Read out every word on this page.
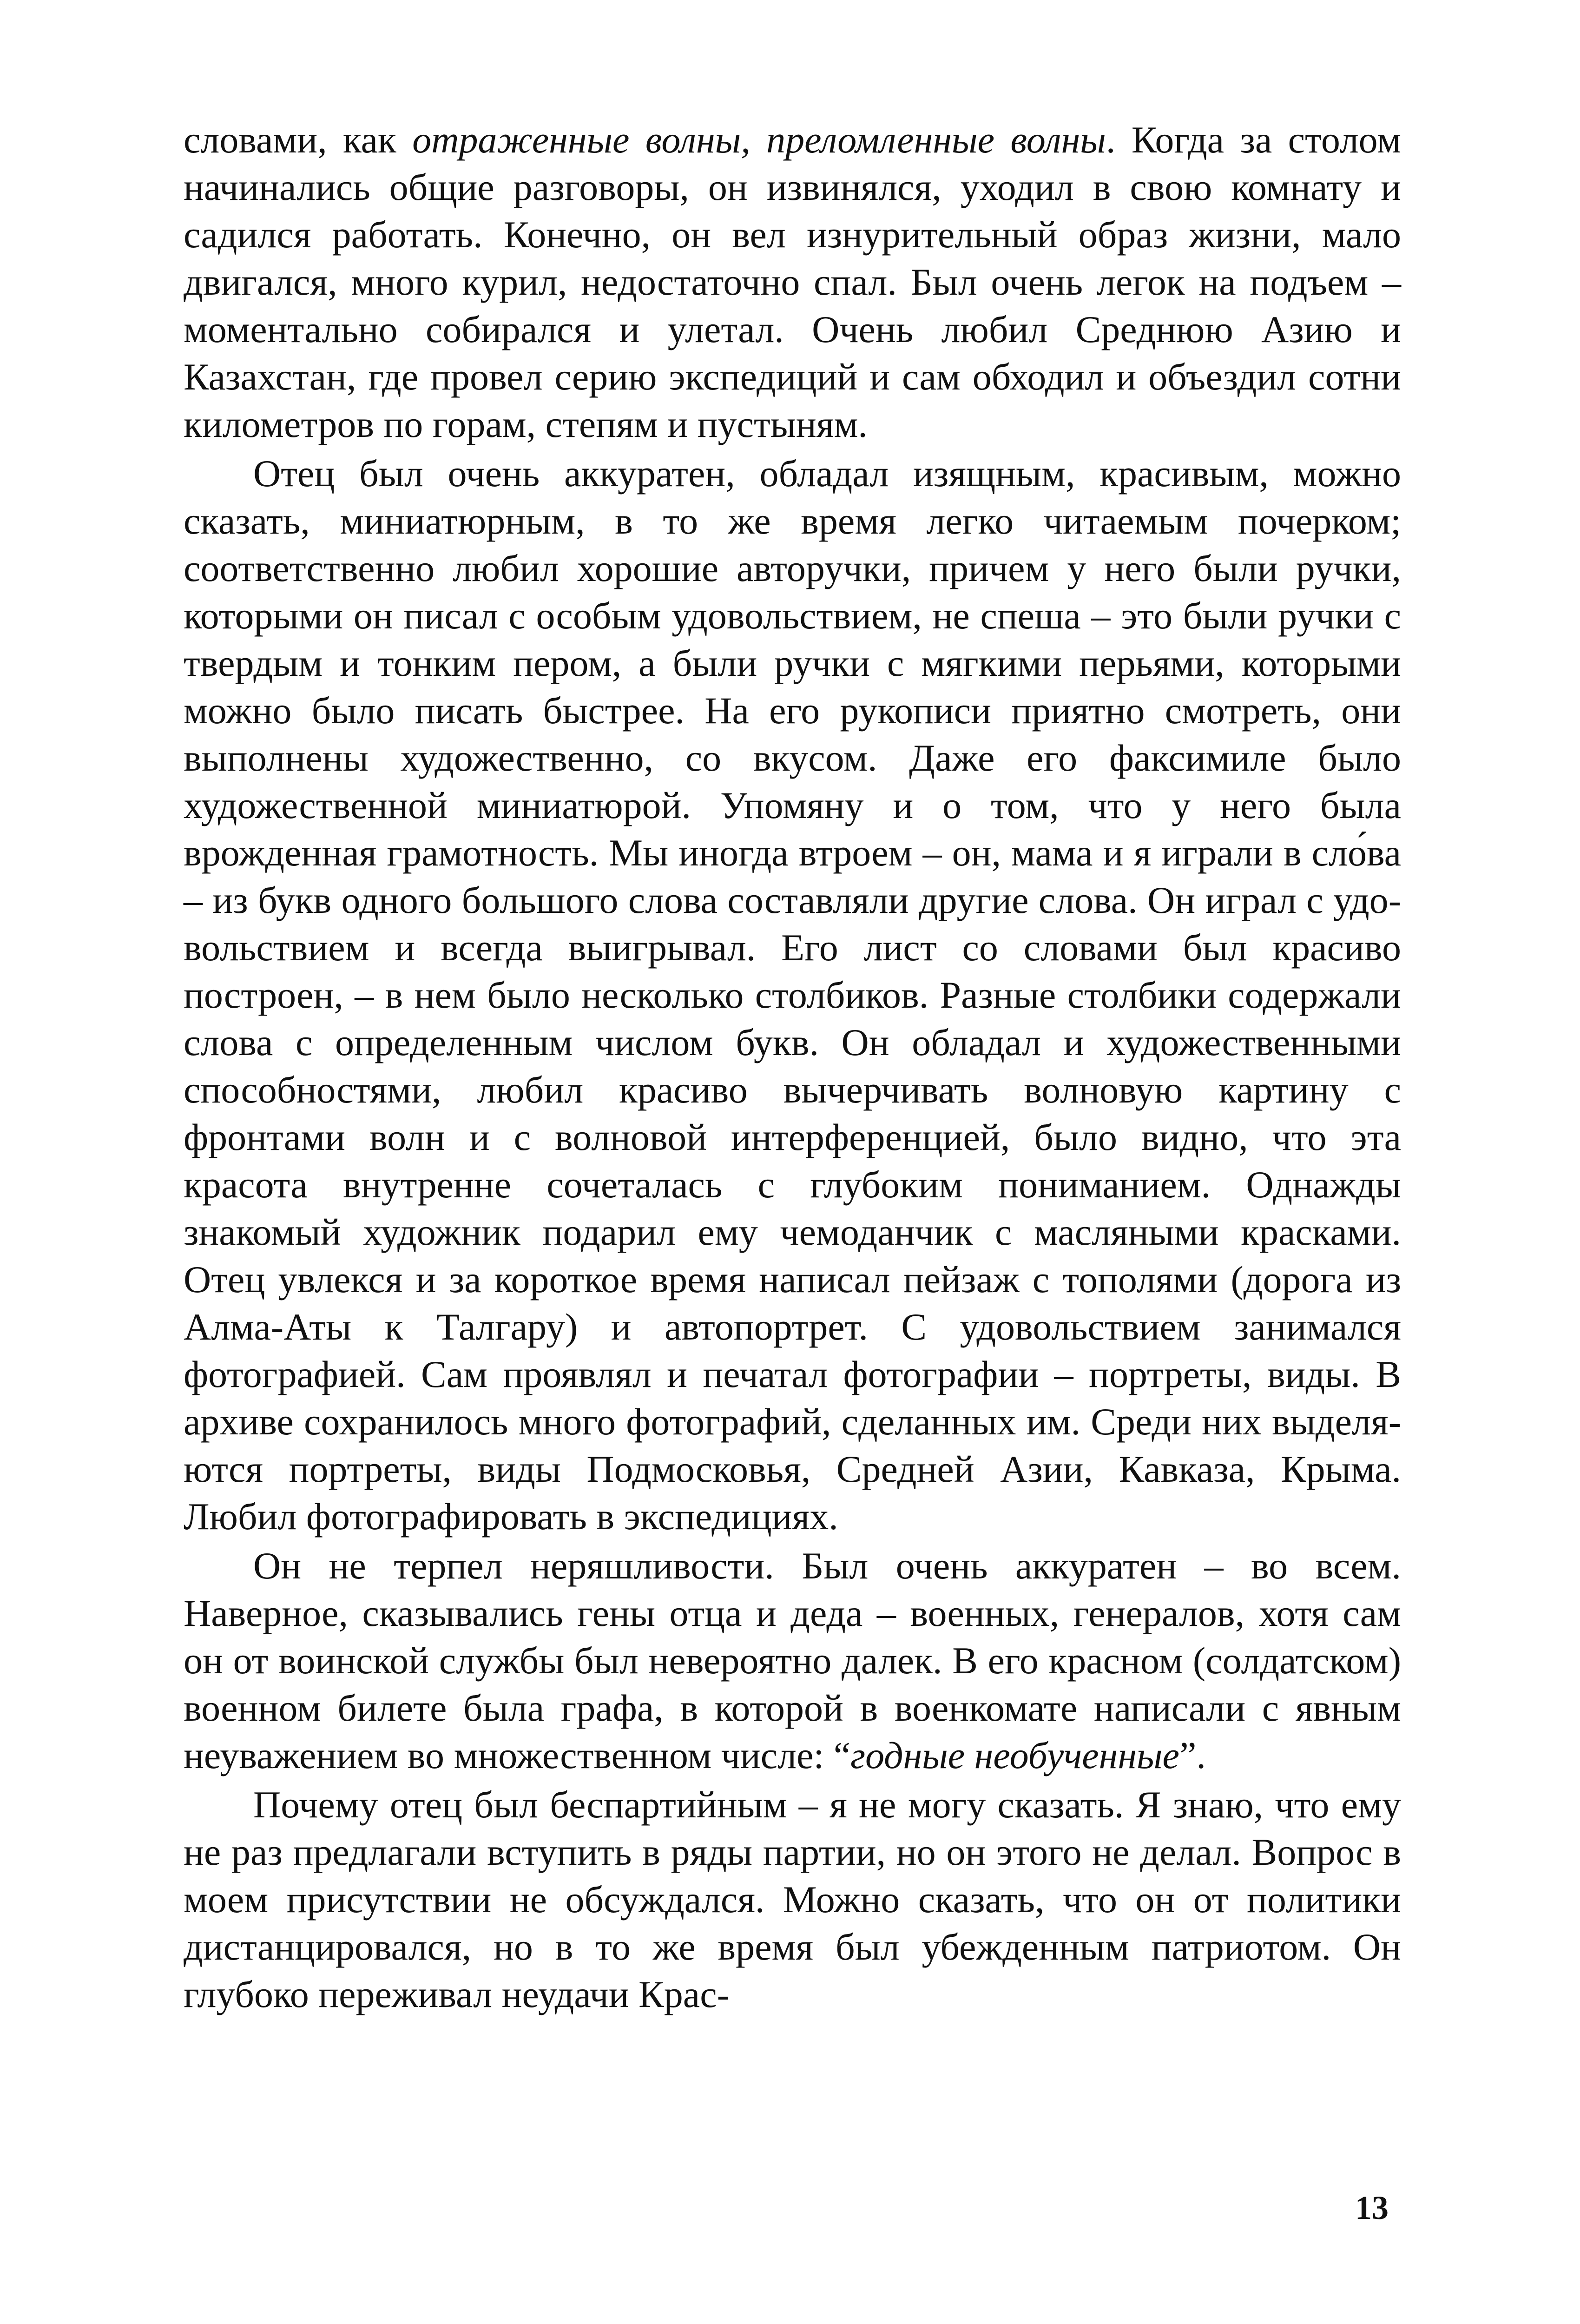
словами, как отраженные волны, преломленные волны. Когда за столом начинались общие разговоры, он извинялся, уходил в свою комнату и садился работать. Конечно, он вел изнурительный образ жизни, мало двигался, много курил, недостаточно спал. Был очень легок на подъем – моментально собирался и улетал. Очень любил Среднюю Азию и Казахстан, где провел серию экспедиций и сам обходил и объездил сотни километров по горам, степям и пустыням.

Отец был очень аккуратен, обладал изящным, красивым, можно сказать, миниатюрным, в то же время легко читаемым почерком; соответственно любил хорошие авторучки, причем у него были ручки, которыми он писал с особым удовольствием, не спеша – это были ручки с твердым и тонким пером, а были ручки с мягкими перьями, которыми можно было писать быстрее. На его рукописи приятно смотреть, они выполнены художественно, со вкусом. Даже его факсимиле было художественной миниатюрой. Упомяну и о том, что у него была врожденная грамотность. Мы иногда втроем – он, мама и я играли в сло́ва – из букв одного большого слова составляли другие слова. Он играл с удовольствием и всегда выигрывал. Его лист со словами был красиво построен, – в нем было несколько столбиков. Разные столбики содержали слова с определенным числом букв. Он обладал и художественными способностями, любил красиво вычерчивать волновую картину с фронтами волн и с волновой интерференцией, было видно, что эта красота внутренне сочеталась с глубоким пониманием. Однажды знакомый художник подарил ему чемоданчик с масляными красками. Отец увлекся и за короткое время написал пейзаж с тополями (дорога из Алма-Аты к Талгару) и автопортрет. С удовольствием занимался фотографией. Сам проявлял и печатал фотографии – портреты, виды. В архиве сохранилось много фотографий, сделанных им. Среди них выделяются портреты, виды Подмосковья, Средней Азии, Кавказа, Крыма. Любил фотографировать в экспедициях.

Он не терпел неряшливости. Был очень аккуратен – во всем. Наверное, сказывались гены отца и деда – военных, генералов, хотя сам он от воинской службы был невероятно далек. В его красном (солдатском) военном билете была графа, в которой в военкомате написали с явным неуважением во множественном числе: “годные необученные”.

Почему отец был беспартийным – я не могу сказать. Я знаю, что ему не раз предлагали вступить в ряды партии, но он этого не делал. Вопрос в моем присутствии не обсуждался. Можно сказать, что он от политики дистанцировался, но в то же время был убежденным патриотом. Он глубоко переживал неудачи Крас-

13
